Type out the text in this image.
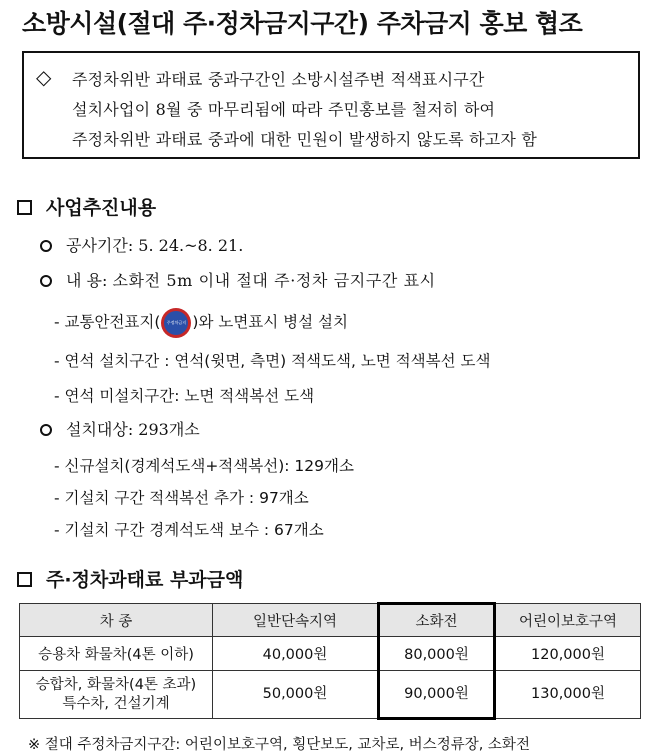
소방시설(절대 주·정차금지구간) 주차금지 홍보 협조
◇ 주정차위반 과태료 중과구간인 소방시설주변 적색표시구간
설치사업이 8월 중 마무리됨에 따라 주민홍보를 철저히 하여
주정차위반 과태료 중과에 대한 민원이 발생하지 않도록 하고자 함
사업추진내용
공사기간: 5. 24.~8. 21.
내 용: 소화전 5m 이내 절대 주·정차 금지구간 표시
- 교통안전표지(	주정차금지 )와 노면표시 병설 설치
- 연석 설치구간 : 연석(윗면, 측면) 적색도색, 노면 적색복선 도색
- 연석 미설치구간: 노면 적색복선 도색
설치대상: 293개소
- 신규설치(경계석도색+적색복선): 129개소
- 기설치 구간 적색복선 추가 : 97개소
- 기설치 구간 경계석도색 보수 : 67개소
주·정차과태료 부과금액
차 종	일반단속지역	소화전	어린이보호구역
승용차 화물차(4톤 이하)	40,000원	80,000원	120,000원

승합차, 화물차(4톤 초과)
특수차, 건설기계	50,000원	90,000원	130,000원
※ 절대 주정차금지구간: 어린이보호구역, 횡단보도, 교차로, 버스정류장, 소화전
